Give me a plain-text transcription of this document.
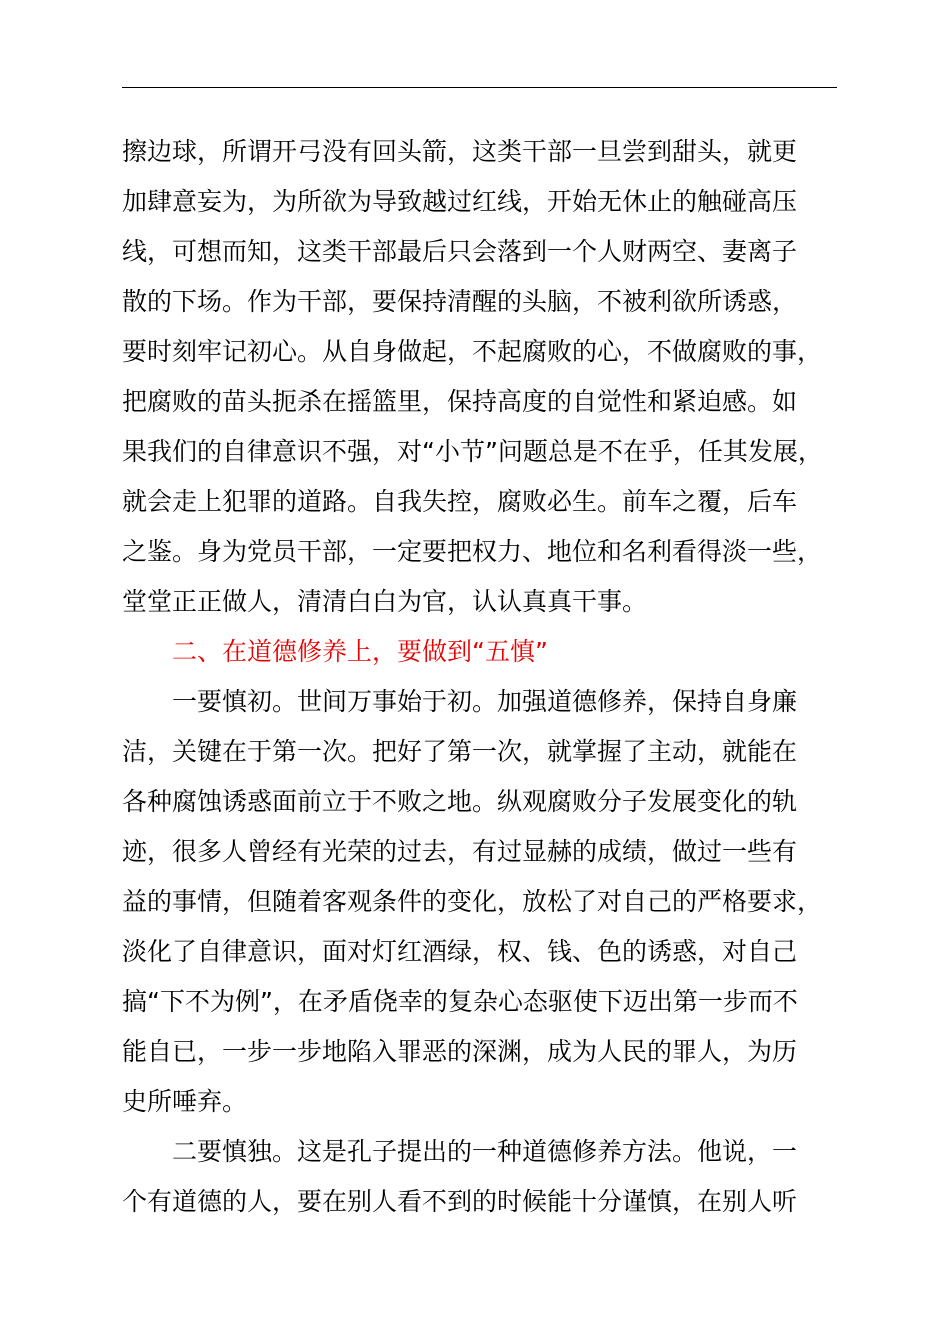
擦边球，所谓开弓没有回头箭，这类干部一旦尝到甜头，就更
加肆意妄为，为所欲为导致越过红线，开始无休止的触碰高压
线，可想而知，这类干部最后只会落到一个人财两空、妻离子
散的下场。作为干部，要保持清醒的头脑，不被利欲所诱惑，
要时刻牢记初心。从自身做起，不起腐败的心，不做腐败的事，
把腐败的苗头扼杀在摇篮里，保持高度的自觉性和紧迫感。如
果我们的自律意识不强，对“小节”问题总是不在乎，任其发展，
就会走上犯罪的道路。自我失控，腐败必生。前车之覆，后车
之鉴。身为党员干部，一定要把权力、地位和名利看得淡一些，
堂堂正正做人，清清白白为官，认认真真干事。
二、在道德修养上，要做到“五慎”
一要慎初。世间万事始于初。加强道德修养，保持自身廉
洁，关键在于第一次。把好了第一次，就掌握了主动，就能在
各种腐蚀诱惑面前立于不败之地。纵观腐败分子发展变化的轨
迹，很多人曾经有光荣的过去，有过显赫的成绩，做过一些有
益的事情，但随着客观条件的变化，放松了对自己的严格要求，
淡化了自律意识，面对灯红酒绿，权、钱、色的诱惑，对自己
搞“下不为例”，在矛盾侥幸的复杂心态驱使下迈出第一步而不
能自已，一步一步地陷入罪恶的深渊，成为人民的罪人，为历
史所唾弃。
二要慎独。这是孔子提出的一种道德修养方法。他说，一
个有道德的人，要在别人看不到的时候能十分谨慎，在别人听
